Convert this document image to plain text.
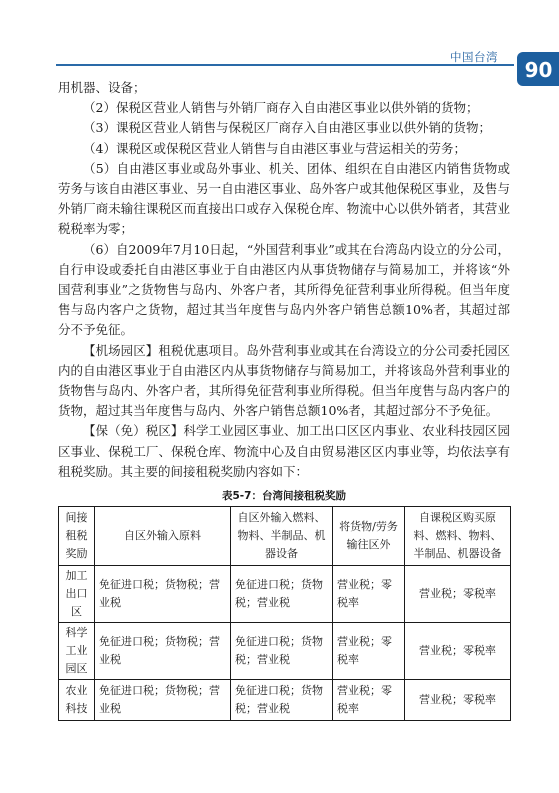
中国台湾
90

用机器、设备；

（2）保税区营业人销售与外销厂商存入自由港区事业以供外销的货物；

（3）课税区营业人销售与保税区厂商存入自由港区事业以供外销的货物；

（4）课税区或保税区营业人销售与自由港区事业与营运相关的劳务；

（5）自由港区事业或岛外事业、机关、团体、组织在自由港区内销售货物或劳务与该自由港区事业、另一自由港区事业、岛外客户或其他保税区事业，及售与外销厂商未输往课税区而直接出口或存入保税仓库、物流中心以供外销者，其营业税税率为零；

（6）自2009年7月10日起，“外国营利事业”或其在台湾岛内设立的分公司，自行申设或委托自由港区事业于自由港区内从事货物储存与简易加工，并将该“外国营利事业”之货物售与岛内、外客户者，其所得免征营利事业所得税。但当年度售与岛内客户之货物，超过其当年度售与岛内外客户销售总额10%者，其超过部分不予免征。

【机场园区】租税优惠项目。岛外营利事业或其在台湾设立的分公司委托园区内的自由港区事业于自由港区内从事货物储存与简易加工，并将该岛外营利事业的货物售与岛内、外客户者，其所得免征营利事业所得税。但当年度售与岛内客户的货物，超过其当年度售与岛内、外客户销售总额10%者，其超过部分不予免征。

【保（免）税区】科学工业园区事业、加工出口区区内事业、农业科技园区园区事业、保税工厂、保税仓库、物流中心及自由贸易港区区内事业等，均依法享有租税奖励。其主要的间接租税奖励内容如下：

表5-7：台湾间接租税奖励
间接租税奖励	自区外输入原料	自区外输入燃料、物料、半制品、机器设备	将货物/劳务输往区外	自课税区购买原料、燃料、物料、半制品、机器设备
加工出口区	免征进口税；货物税；营业税	免征进口税；货物税；营业税	营业税；零税率	营业税；零税率
科学工业园区	免征进口税；货物税；营业税	免征进口税；货物税；营业税	营业税；零税率	营业税；零税率
农业科技	免征进口税；货物税；营业税	免征进口税；货物税；营业税	营业税；零税率	营业税；零税率
